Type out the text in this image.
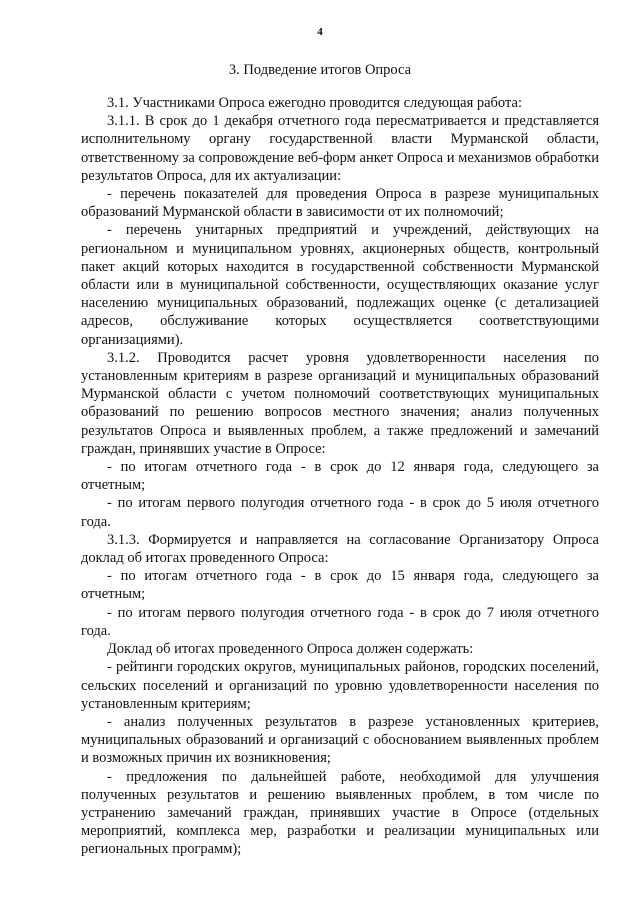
4
3. Подведение итогов Опроса

3.1. Участниками Опроса ежегодно проводится следующая работа:

3.1.1. В срок до 1 декабря отчетного года пересматривается и представляется исполнительному органу государственной власти Мурманской области, ответственному за сопровождение веб-форм анкет Опроса и механизмов обработки результатов Опроса, для их актуализации:

- перечень показателей для проведения Опроса в разрезе муниципальных образований Мурманской области в зависимости от их полномочий;

- перечень унитарных предприятий и учреждений, действующих на региональном и муниципальном уровнях, акционерных обществ, контрольный пакет акций которых находится в государственной собственности Мурманской области или в муниципальной собственности, осуществляющих оказание услуг населению муниципальных образований, подлежащих оценке (с детализацией адресов, обслуживание которых осуществляется соответствующими организациями).

3.1.2. Проводится расчет уровня удовлетворенности населения по установленным критериям в разрезе организаций и муниципальных образований Мурманской области с учетом полномочий соответствующих муниципальных образований по решению вопросов местного значения; анализ полученных результатов Опроса и выявленных проблем, а также предложений и замечаний граждан, принявших участие в Опросе:

- по итогам отчетного года - в срок до 12 января года, следующего за отчетным;

- по итогам первого полугодия отчетного года - в срок до 5 июля отчетного года.

3.1.3. Формируется и направляется на согласование Организатору Опроса доклад об итогах проведенного Опроса:

- по итогам отчетного года - в срок до 15 января года, следующего за отчетным;

- по итогам первого полугодия отчетного года - в срок до 7 июля отчетного года.

Доклад об итогах проведенного Опроса должен содержать:

- рейтинги городских округов, муниципальных районов, городских поселений, сельских поселений и организаций по уровню удовлетворенности населения по установленным критериям;

- анализ полученных результатов в разрезе установленных критериев, муниципальных образований и организаций с обоснованием выявленных проблем и возможных причин их возникновения;

- предложения по дальнейшей работе, необходимой для улучшения полученных результатов и решению выявленных проблем, в том числе по устранению замечаний граждан, принявших участие в Опросе (отдельных мероприятий, комплекса мер, разработки и реализации муниципальных или региональных программ);
